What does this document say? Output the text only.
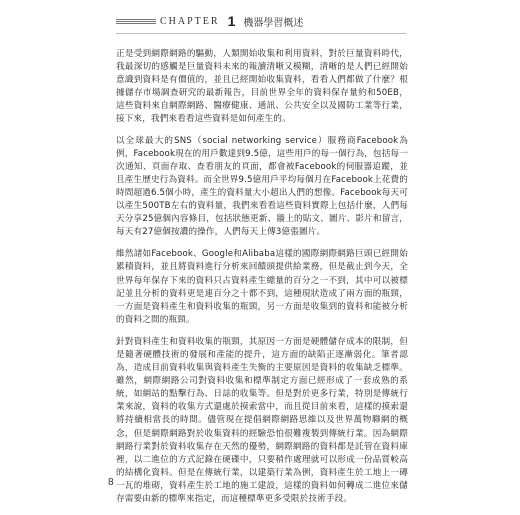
CHAPTER 1 機器學習概述

正是受到網際網路的驅動，人類開始收集和利用資料，對於巨量資料時代，我最深切的感觸是巨量資料未來的報讀清晰又模糊，清晰的是人們已經開始意識到資料是有價值的，並且已經開始收集資料，看看人們都做了什麼？根據儲存市場調查研究的最新報告，目前世界全年的資料保存量約和50EB，這些資料來自網際網路、醫療健康、通訊、公共安全以及國防工業等行業，接下來，我們來看看這些資料是如何產生的。

以全球最大的SNS（social networking service）服務商Facebook為例，Facebook現在的用戶數達到9.5億，這些用戶的每一個行為，包括每一次通知、頁面存取、查看朋友的頁面，都會被Facebook的伺服器追蹤，並且產生歷史行為資料。而全世界9.5億用戶平均每個月在Facebook上花費的時間超過6.5個小時，產生的資料量大小超出人們的想像。Facebook每天可以產生500TB左右的資料量，我們來看看這些資料實際上包括什麼，人們每天分享25億個內容條目，包括狀態更新、牆上的貼文、圖片、影片和留言，每天有27億個按讚的操作，人們每天上傳3億張圖片。

維然諸如Facebook、Google和Alibaba這樣的國際網際網路巨頭已經開始累積資料，並且將資料進行分析來回饋頭提供給業務，但是截止到今天，全世界每年保存下來的資料只占資料產生總量的百分之一不到，其中可以被標記並且分析的資料更是連百分之十都不到，這種現狀造成了兩方面的瓶頸，一方面是資料產生和資料收集的瓶頸，另一方面是收集到的資料和能被分析的資料之間的瓶頸。

針對資料產生和資料收集的瓶頸，其原因一方面是硬體儲存成本的限制，但是隨著硬體技術的發展和產能的提升，這方面的缺陷正逐漸弱化。筆者認為，造成目前資料收集與資料產生失衡的主要原因是資料的收集缺乏標準。雖然，網際網路公司對資料收集和標準制定方面已經形成了一套成熟的系統，如網站的點擊行為、日誌的收集等。但是對於更多行業，特別是傳統行業來說，資料的收集方式還處於摸索當中，而且從目前來看，這樣的摸索還將持續相當長的時間。儘管現在提倡網際網路思維以及世界萬物聯網的概念，但是網際網路對於收集資料的經驗恐怕很難複製到傳統行業。因為網際網路行業對於資料收集存在天然的優勢，網際網路的資料都是託管在資料庫裡，以二進位的方式記錄在硬碟中，只要稍作處理就可以形成一份品質較高的結構化資料。但是在傳統行業，以建築行業為例，資料產生於工地上一磚一瓦的堆砌，資料產生於工地的施工建設，這樣的資料如何轉成二進位來儲存需要由新的標準來指定，而這種標準更多受限於技術手段。

8
